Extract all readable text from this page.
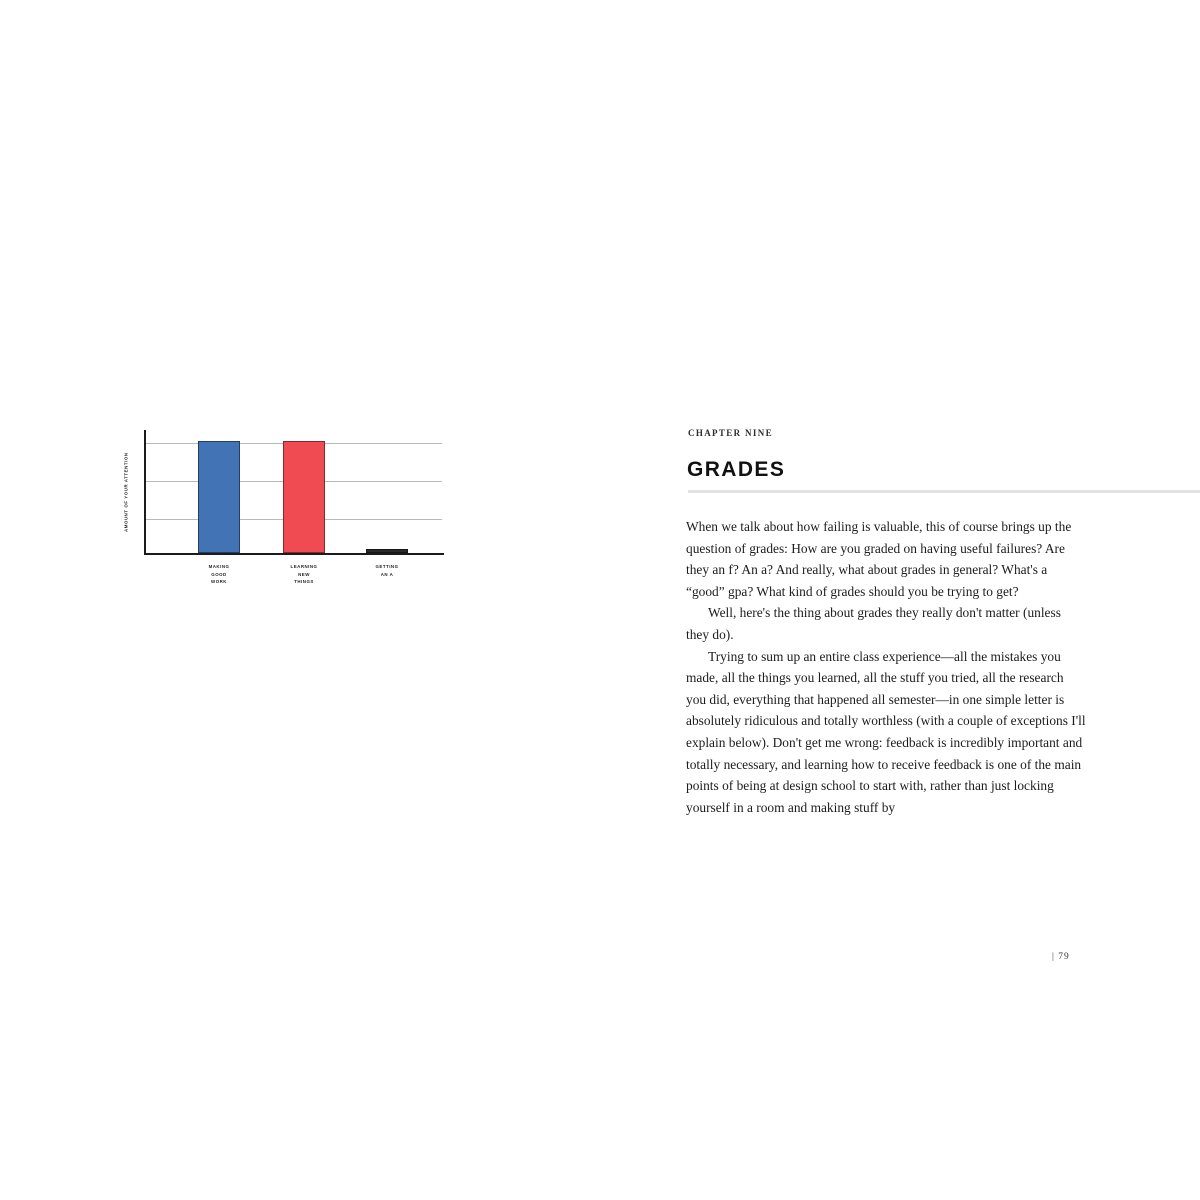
AMOUNT OF YOUR ATTENTION
MAKING
GOOD
WORK
LEARNING
NEW
THINGS
GETTING
AN A
CHAPTER NINE
GRADES

When we talk about how failing is valuable, this of course brings up the question of grades: How are you graded on having useful failures? Are they an f? An a? And really, what about grades in general? What's a “good” gpa? What kind of grades should you be trying to get?

Well, here's the thing about grades they really don't matter (unless they do).

Trying to sum up an entire class experience—all the mistakes you made, all the things you learned, all the stuff you tried, all the research you did, everything that happened all semester—in one simple letter is absolutely ridiculous and totally worthless (with a couple of exceptions I'll explain below). Don't get me wrong: feedback is incredibly important and totally necessary, and learning how to receive feedback is one of the main points of being at design school to start with, rather than just locking yourself in a room and making stuff by

| 79
